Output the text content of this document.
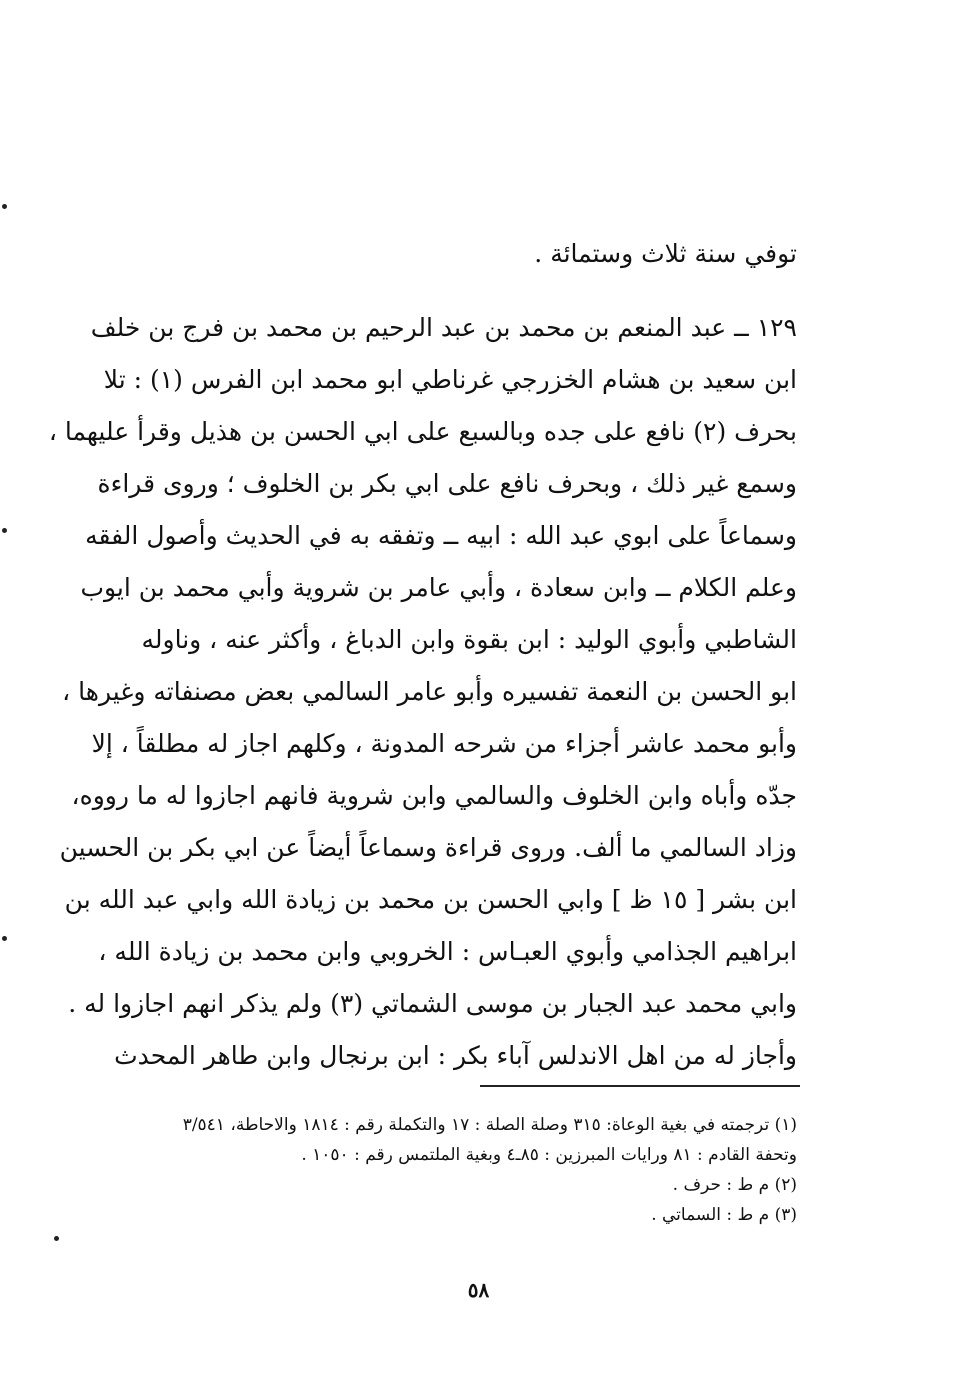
توفي سنة ثلاث وستمائة .
١٢٩ ــ عبد المنعم بن محمد بن عبد الرحيم بن محمد بن فرج بن خلف
ابن سعيد بن هشام الخزرجي غرناطي ابو محمد ابن الفرس (١) : تلا
بحرف (٢) نافع على جده وبالسبع على ابي الحسن بن هذيل وقرأ عليهما ،
وسمع غير ذلك ، وبحرف نافع على ابي بكر بن الخلوف ؛ وروى قراءة
وسماعاً على ابوي عبد الله : ابيه ــ وتفقه به في الحديث وأصول الفقه
وعلم الكلام ــ وابن سعادة ، وأبي عامر بن شروية وأبي محمد بن ايوب
الشاطبي وأبوي الوليد : ابن بقوة وابن الدباغ ، وأكثر عنه ، وناوله
ابو الحسن بن النعمة تفسيره وأبو عامر السالمي بعض مصنفاته وغيرها ،
وأبو محمد عاشر أجزاء من شرحه المدونة ، وكلهم اجاز له مطلقاً ، إلا
جدّه وأباه وابن الخلوف والسالمي وابن شروية فانهم اجازوا له ما رووه،
وزاد السالمي ما ألف. وروى قراءة وسماعاً أيضاً عن ابي بكر بن الحسين
ابن بشر [ ١٥ ظ ] وابي الحسن بن محمد بن زيادة الله وابي عبد الله بن
ابراهيم الجذامي وأبوي العبـاس : الخروبي وابن محمد بن زيادة الله ،
وابي محمد عبد الجبار بن موسى الشماتي (٣) ولم يذكر انهم اجازوا له .
وأجاز له من اهل الاندلس آباء بكر : ابن برنجال وابن طاهر المحدث
(١) ترجمته في بغية الوعاة: ٣١٥ وصلة الصلة : ١٧ والتكملة رقم : ١٨١٤ والاحاطة، ٣/٥٤١
وتحفة القادم : ٨١ ورايات المبرزين : ٨٥ـ٤ وبغية الملتمس رقم : ١٠٥٠ .
(٢) م ط : حرف .
(٣) م ط : السماتي .
٥٨
